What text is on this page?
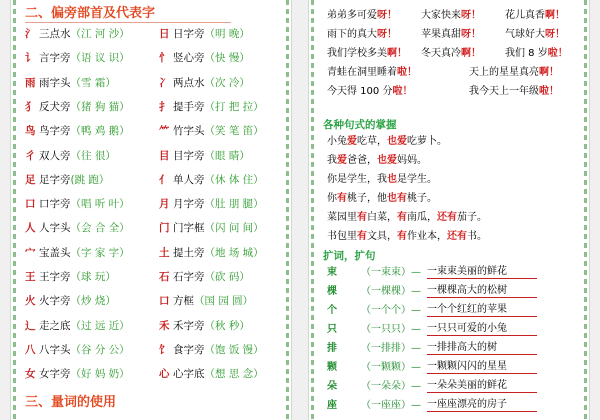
二、偏旁部首及代表字
氵 三点水（江 河 沙）	日 日字旁（明 晚）
讠 言字旁（语 议 识）	忄 竖心旁（快 慢）
雨 雨字头（雪 霜）	冫 两点水（次 冷）
犭 反犬旁（猪 狗 猫）	扌 提手旁（打 把 拉）
鸟 鸟字旁（鸭 鸡 鹅）	⺮ 竹字头（笑 笔 笛）
彳 双人旁（往 很）	目 目字旁（眼 睛）
足 足字旁(跳 跑）	亻 单人旁（休 体 住）
口 口字旁（唱 听 叶）	月 月字旁（肚 朋 腿）
人 人字头（会 合 全）	门 门字框（闪 问 间）
宀 宝盖头（字 家 字）	土 提土旁（地 场 城）
王 王字旁（球 玩）	石 石字旁（砍 码）
火 火字旁（炒 烧）	口 方框（国 园 圆）
辶 走之底（过 远 近）	禾 禾字旁（秋 秒）
八 八字头（谷 分 公）	饣 食字旁（饱 饭 馒）
女 女字旁（好 妈 奶）	心 心字底（想 思 念）
三、量词的使用
弟弟多可爱呀！ 大家快来呀！ 花儿真香啊！
雨下的真大呀！ 苹果真甜呀！ 气球好大呀！
我们学校多美啊！ 冬天真冷啊！ 我们 8 岁啦！
青蛙在洞里睡着啦！	天上的星星真亮啊！
今天得 100 分啦！	我今天上一年级啦！
各种句式的掌握
小兔爱吃草，也爱吃萝卜。
我爱爸爸，也爱妈妈。
你是学生，我也是学生。
你有桃子，他也有桃子。
菜园里有白菜，有南瓜，还有茄子。
书包里有文具，有作业本，还有书。
扩词，扩句
束	（一束束） — 一束束美丽的鲜花
棵	（一棵棵） — 一棵棵高大的松树
个	（一个个） — 一个个红红的苹果
只	（一只只） — 一只只可爱的小兔
排	（一排排） — 一排排高大的树
颗	（一颗颗） — 一颗颗闪闪的星星
朵	（一朵朵） — 一朵朵美丽的鲜花
座	（一座座） — 一座座漂亮的房子
